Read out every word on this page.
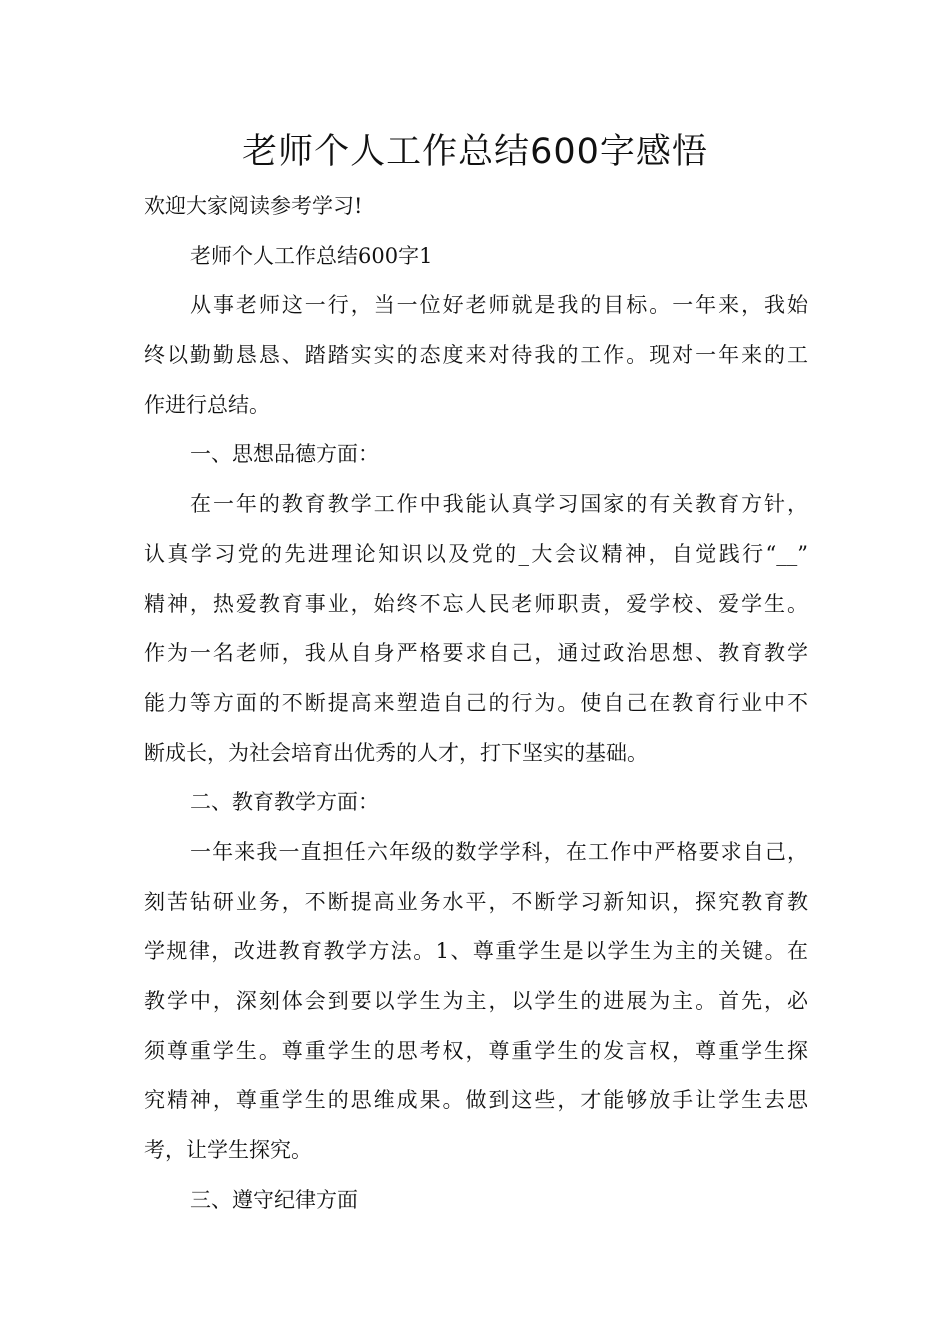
老师个人工作总结600字感悟
欢迎大家阅读参考学习!
老师个人工作总结600字1
从事老师这一行，当一位好老师就是我的目标。一年来，我始
终以勤勤恳恳、踏踏实实的态度来对待我的工作。现对一年来的工
作进行总结。
一、思想品德方面：
在一年的教育教学工作中我能认真学习国家的有关教育方针，
认真学习党的先进理论知识以及党的_大会议精神，自觉践行“__”
精神，热爱教育事业，始终不忘人民老师职责，爱学校、爱学生。
作为一名老师，我从自身严格要求自己，通过政治思想、教育教学
能力等方面的不断提高来塑造自己的行为。使自己在教育行业中不
断成长，为社会培育出优秀的人才，打下坚实的基础。
二、教育教学方面：
一年来我一直担任六年级的数学学科，在工作中严格要求自己，
刻苦钻研业务，不断提高业务水平，不断学习新知识，探究教育教
学规律，改进教育教学方法。1、尊重学生是以学生为主的关键。在
教学中，深刻体会到要以学生为主，以学生的进展为主。首先，必
须尊重学生。尊重学生的思考权，尊重学生的发言权，尊重学生探
究精神，尊重学生的思维成果。做到这些，才能够放手让学生去思
考，让学生探究。
三、遵守纪律方面
